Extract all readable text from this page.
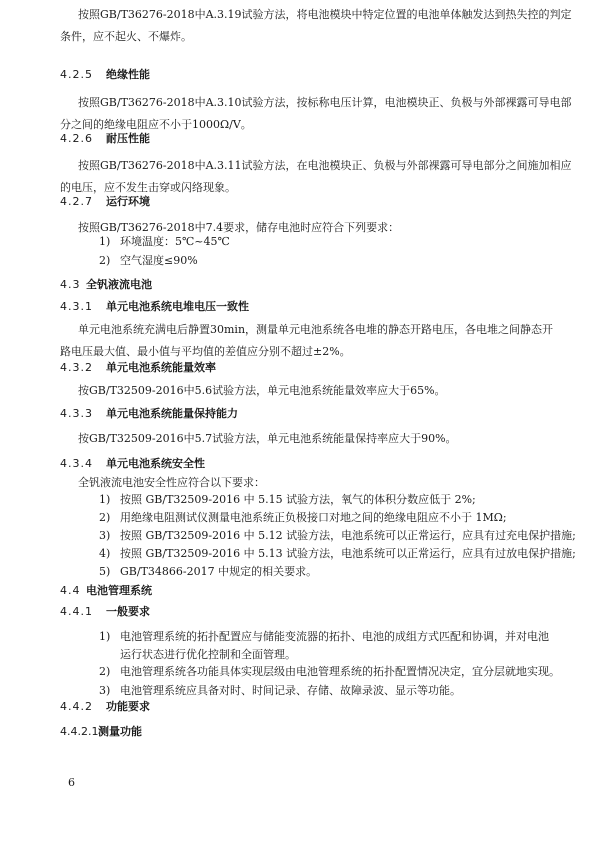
按照GB/T36276-2018中A.3.19试验方法，将电池模块中特定位置的电池单体触发达到热失控的判定
条件，应不起火、不爆炸。
4.2.5 绝缘性能
按照GB/T36276-2018中A.3.10试验方法，按标称电压计算，电池模块正、负极与外部裸露可导电部
分之间的绝缘电阻应不小于1000Ω/V。
4.2.6 耐压性能
按照GB/T36276-2018中A.3.11试验方法，在电池模块正、负极与外部裸露可导电部分之间施加相应
的电压，应不发生击穿或闪络现象。
4.2.7 运行环境
按照GB/T36276-2018中7.4要求，储存电池时应符合下列要求：
1) 环境温度：5℃~45℃
2) 空气湿度≤90%
4.3 全钒液流电池
4.3.1 单元电池系统电堆电压一致性
单元电池系统充满电后静置30min，测量单元电池系统各电堆的静态开路电压，各电堆之间静态开
路电压最大值、最小值与平均值的差值应分别不超过±2%。
4.3.2 单元电池系统能量效率
按GB/T32509-2016中5.6试验方法，单元电池系统能量效率应大于65%。
4.3.3 单元电池系统能量保持能力
按GB/T32509-2016中5.7试验方法，单元电池系统能量保持率应大于90%。
4.3.4 单元电池系统安全性
全钒液流电池安全性应符合以下要求：
1) 按照 GB/T32509-2016 中 5.15 试验方法，氧气的体积分数应低于 2%;
2) 用绝缘电阻测试仪测量电池系统正负极接口对地之间的绝缘电阻应不小于 1MΩ;
3) 按照 GB/T32509-2016 中 5.12 试验方法，电池系统可以正常运行，应具有过充电保护措施;
4) 按照 GB/T32509-2016 中 5.13 试验方法，电池系统可以正常运行，应具有过放电保护措施;
5) GB/T34866-2017 中规定的相关要求。
4.4 电池管理系统
4.4.1 一般要求
1) 电池管理系统的拓扑配置应与储能变流器的拓扑、电池的成组方式匹配和协调，并对电池
运行状态进行优化控制和全面管理。
2) 电池管理系统各功能具体实现层级由电池管理系统的拓扑配置情况决定，宜分层就地实现。
3) 电池管理系统应具备对时、时间记录、存储、故障录波、显示等功能。
4.4.2 功能要求
4.4.2.1测量功能
6
